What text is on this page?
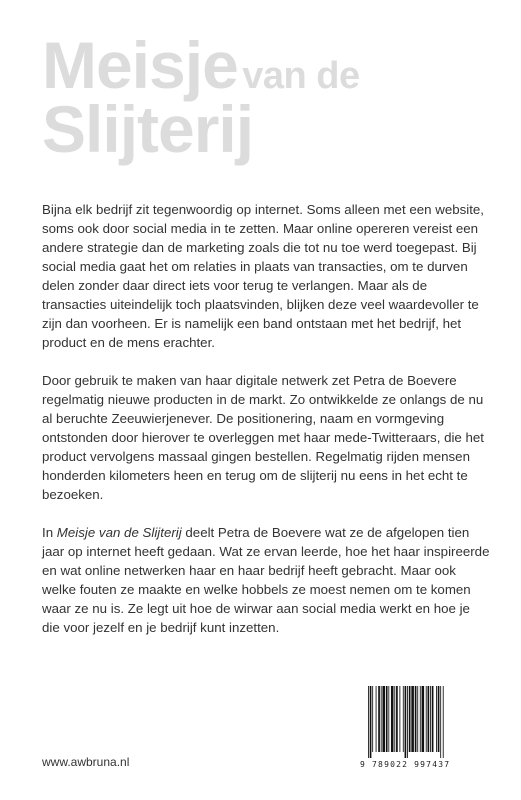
Meisje van de
Slijterij

Bijna elk bedrijf zit tegenwoordig op internet. Soms alleen met een website, soms ook door social media in te zetten. Maar online opereren vereist een andere strategie dan de marketing zoals die tot nu toe werd toegepast. Bij social media gaat het om relaties in plaats van transacties, om te durven delen zonder daar direct iets voor terug te verlangen. Maar als de transacties uiteindelijk toch plaatsvinden, blijken deze veel waardevoller te zijn dan voorheen. Er is namelijk een band ontstaan met het bedrijf, het product en de mens erachter.

Door gebruik te maken van haar digitale netwerk zet Petra de Boevere regelmatig nieuwe producten in de markt. Zo ontwikkelde ze onlangs de nu al beruchte Zeeuwierjenever. De positionering, naam en vormgeving ontstonden door hierover te overleggen met haar mede-Twitteraars, die het product vervolgens massaal gingen bestellen. Regelmatig rijden mensen honderden kilometers heen en terug om de slijterij nu eens in het echt te bezoeken.

In Meisje van de Slijterij deelt Petra de Boevere wat ze de afgelopen tien jaar op internet heeft gedaan. Wat ze ervan leerde, hoe het haar inspireerde en wat online netwerken haar en haar bedrijf heeft gebracht. Maar ook welke fouten ze maakte en welke hobbels ze moest nemen om te komen waar ze nu is. Ze legt uit hoe de wirwar aan social media werkt en hoe je die voor jezelf en je bedrijf kunt inzetten.

www.awbruna.nl	9 789022 997437
